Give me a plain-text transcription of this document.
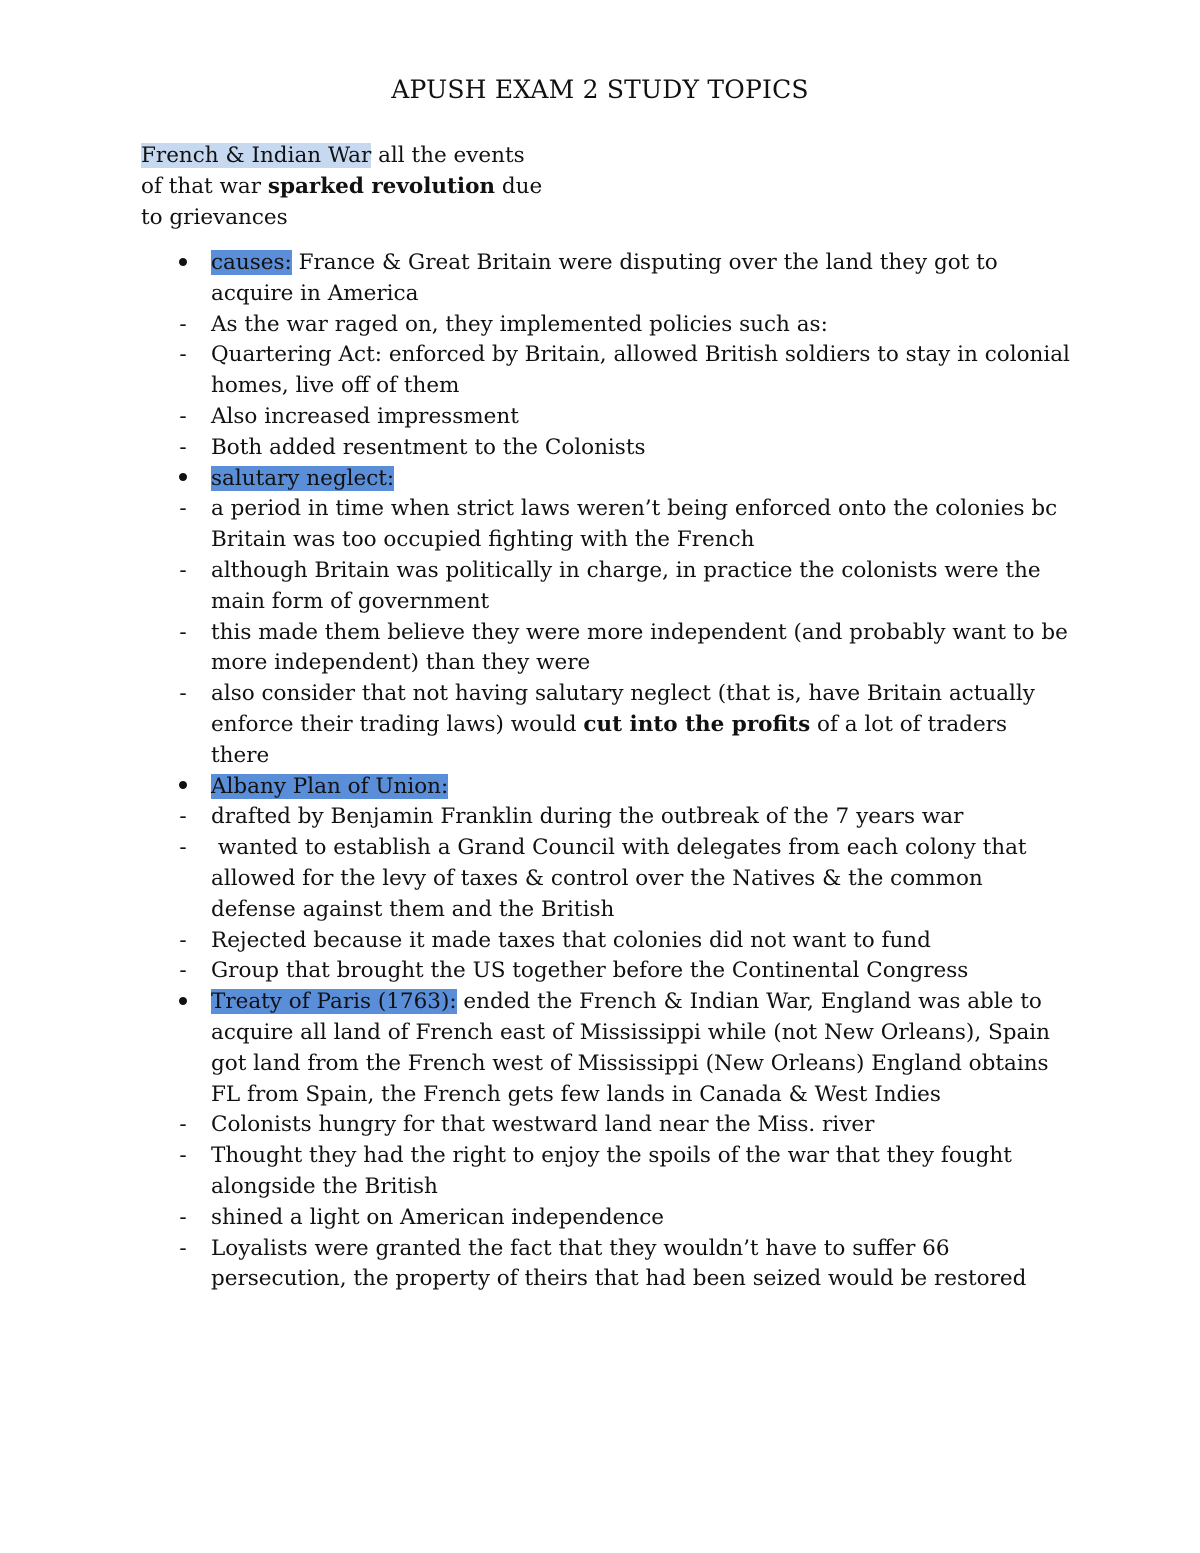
APUSH EXAM 2 STUDY TOPICS
French & Indian War all the events
of that war sparked revolution due
to grievances
causes: France & Great Britain were disputing over the land they got to acquire in America
-	As the war raged on, they implemented policies such as:
-	Quartering Act: enforced by Britain, allowed British soldiers to stay in colonial homes, live off of them
-	Also increased impressment
-	Both added resentment to the Colonists
salutary neglect:
-	a period in time when strict laws weren’t being enforced onto the colonies bc Britain was too occupied fighting with the French
-	although Britain was politically in charge, in practice the colonists were the main form of government
-	this made them believe they were more independent (and probably want to be more independent) than they were
-	also consider that not having salutary neglect (that is, have Britain actually enforce their trading laws) would cut into the profits of a lot of traders there
Albany Plan of Union:
-	drafted by Benjamin Franklin during the outbreak of the 7 years war
-	wanted to establish a Grand Council with delegates from each colony that allowed for the levy of taxes & control over the Natives & the common defense against them and the British
-	Rejected because it made taxes that colonies did not want to fund
-	Group that brought the US together before the Continental Congress
Treaty of Paris (1763): ended the French & Indian War, England was able to acquire all land of French east of Mississippi while (not New Orleans), Spain got land from the French west of Mississippi (New Orleans) England obtains FL from Spain, the French gets few lands in Canada & West Indies
-	Colonists hungry for that westward land near the Miss. river
-	Thought they had the right to enjoy the spoils of the war that they fought alongside the British
-	shined a light on American independence
-	Loyalists were granted the fact that they wouldn’t have to suffer 66 persecution, the property of theirs that had been seized would be restored
